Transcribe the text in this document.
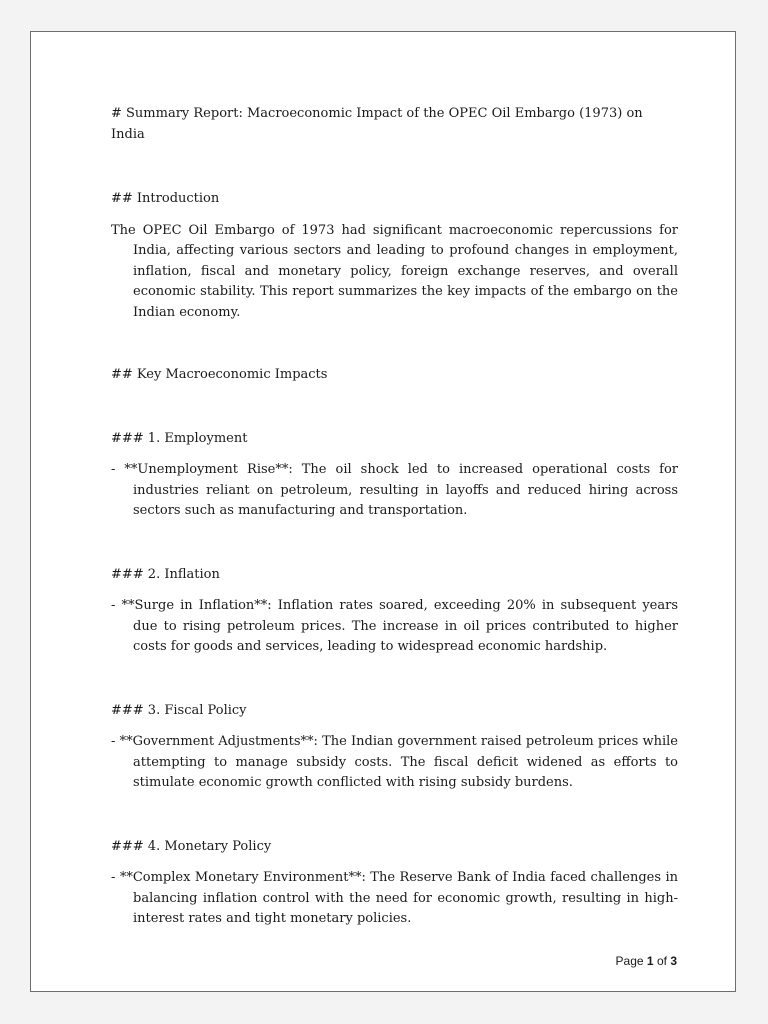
# Summary Report: Macroeconomic Impact of the OPEC Oil Embargo (1973) on India

## Introduction

The OPEC Oil Embargo of 1973 had significant macroeconomic repercussions for India, affecting various sectors and leading to profound changes in employment, inflation, fiscal and monetary policy, foreign exchange reserves, and overall economic stability. This report summarizes the key impacts of the embargo on the Indian economy.

## Key Macroeconomic Impacts

### 1. Employment

- **Unemployment Rise**: The oil shock led to increased operational costs for industries reliant on petroleum, resulting in layoffs and reduced hiring across sectors such as manufacturing and transportation.

### 2. Inflation

- **Surge in Inflation**: Inflation rates soared, exceeding 20% in subsequent years due to rising petroleum prices. The increase in oil prices contributed to higher costs for goods and services, leading to widespread economic hardship.

### 3. Fiscal Policy

- **Government Adjustments**: The Indian government raised petroleum prices while attempting to manage subsidy costs. The fiscal deficit widened as efforts to stimulate economic growth conflicted with rising subsidy burdens.

### 4. Monetary Policy

- **Complex Monetary Environment**: The Reserve Bank of India faced challenges in balancing inflation control with the need for economic growth, resulting in high-interest rates and tight monetary policies.

Page 1 of 3
